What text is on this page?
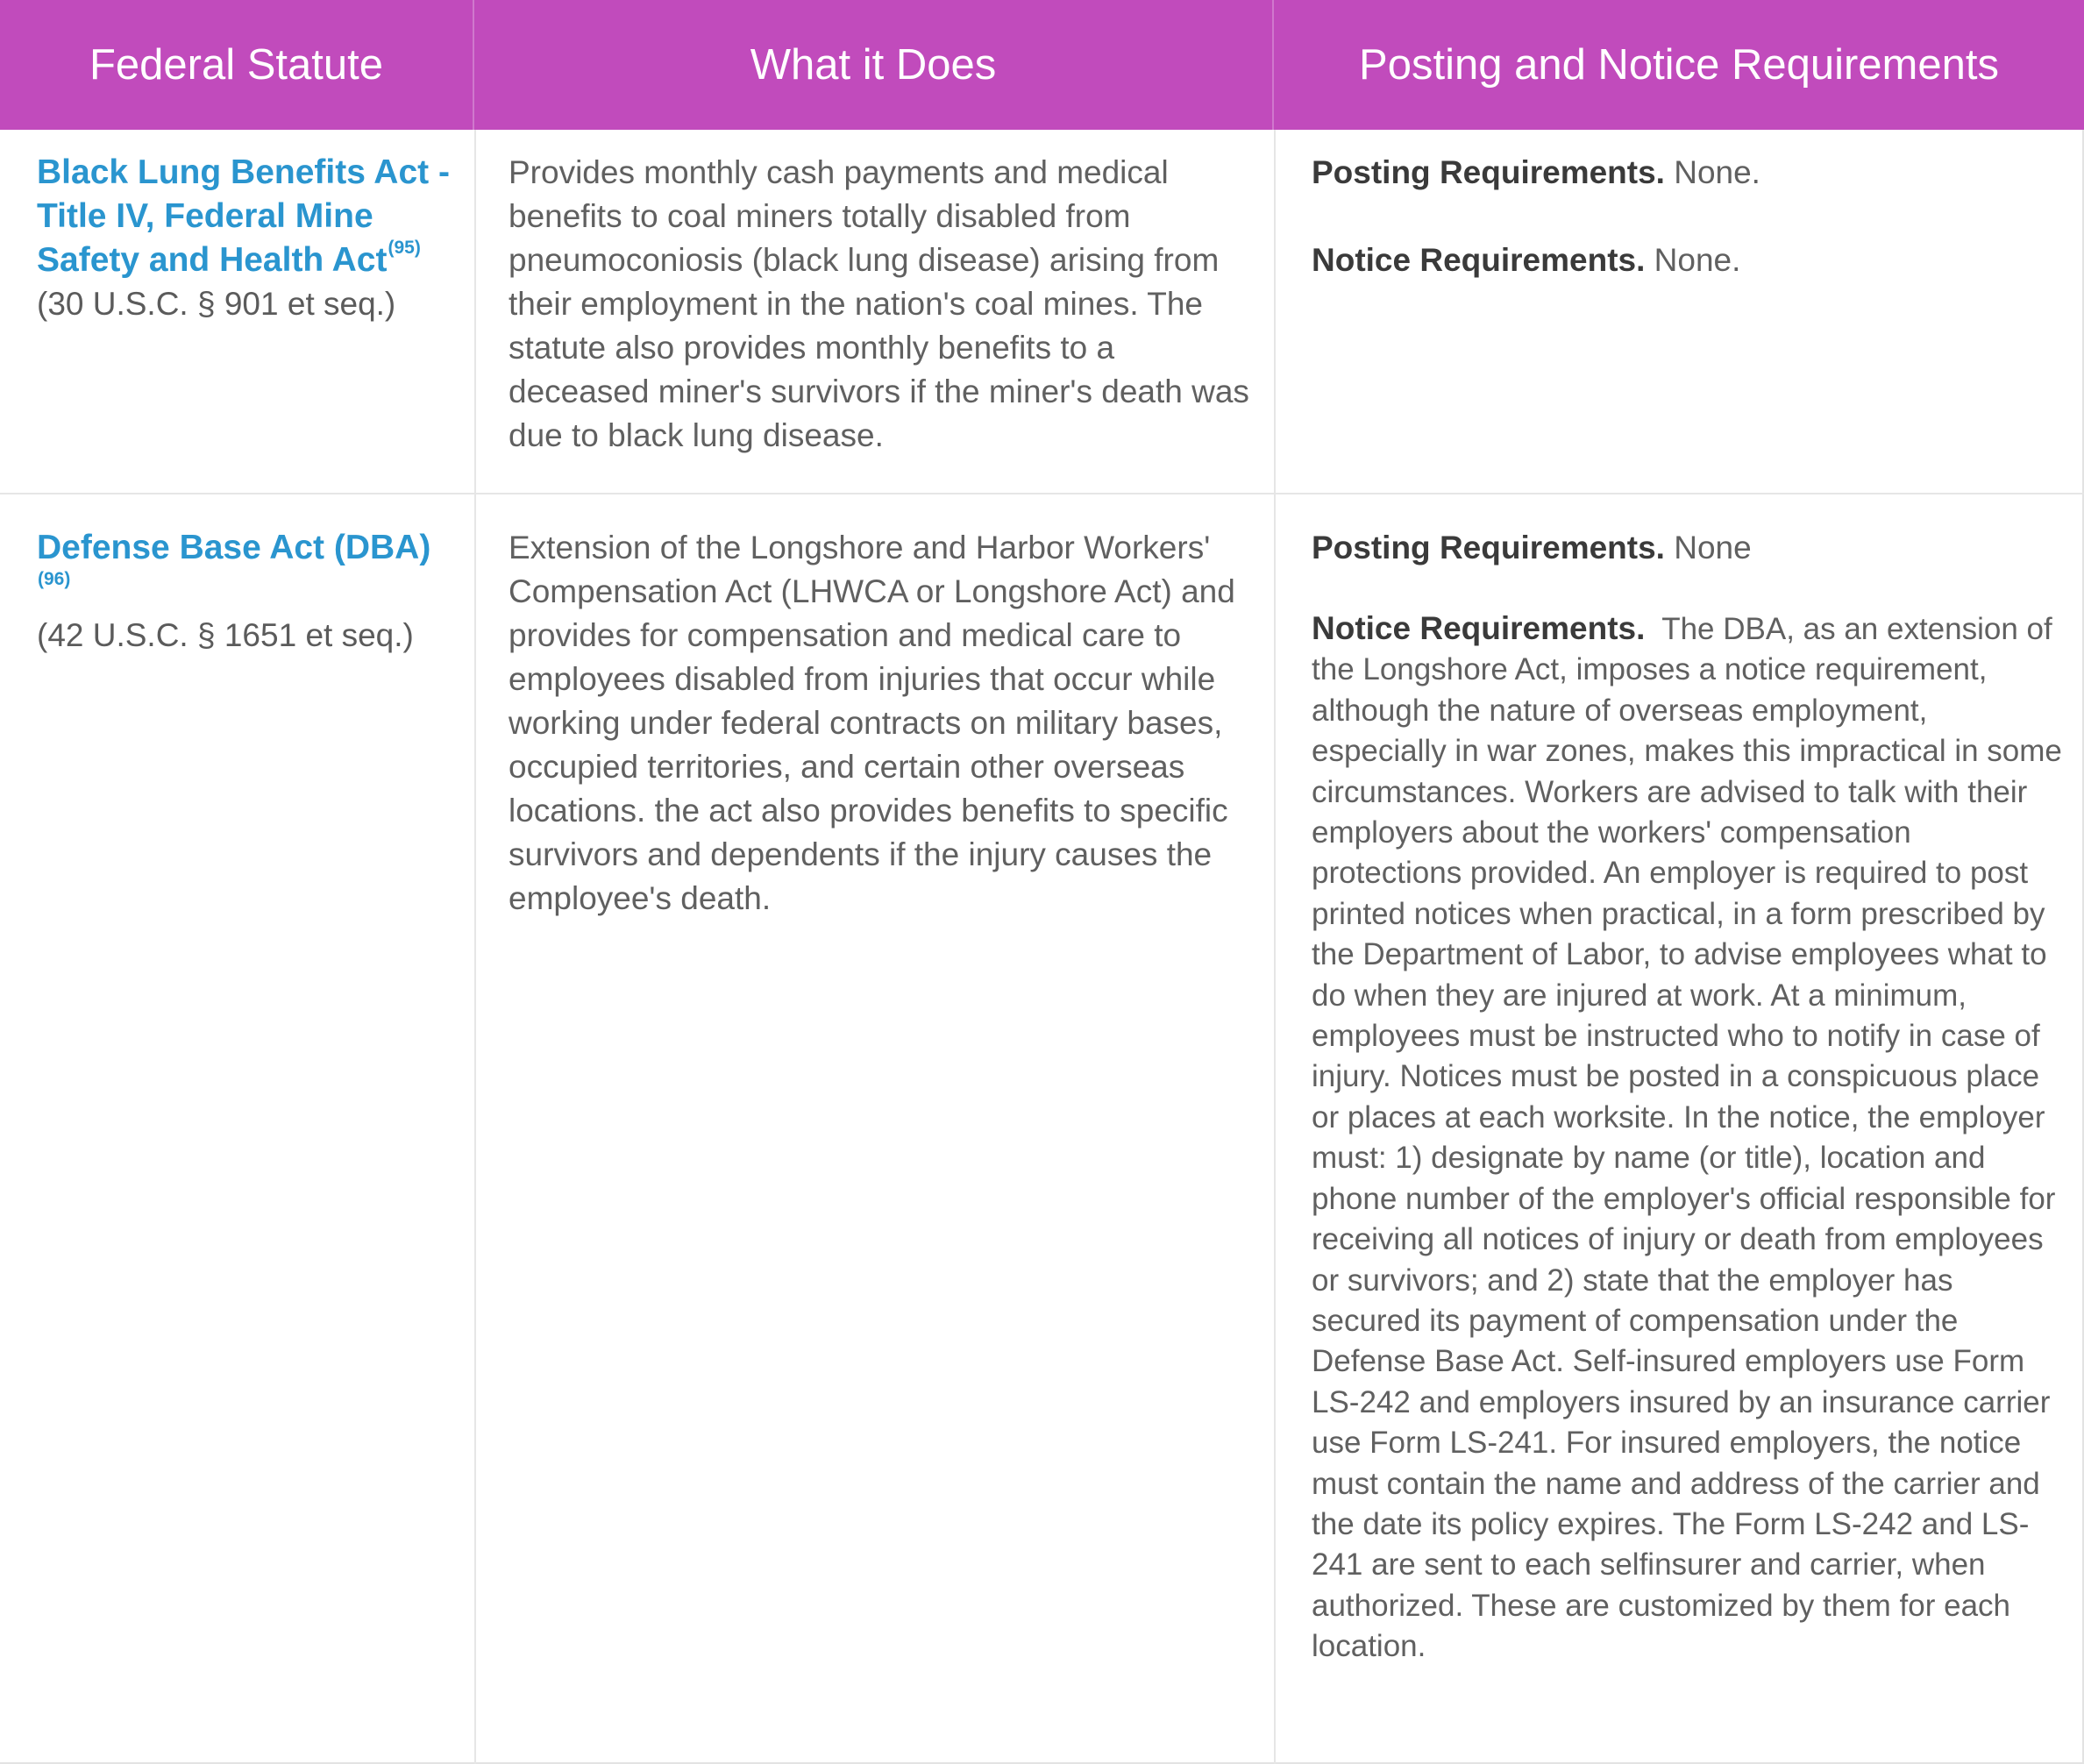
Federal Statute	What it Does	Posting and Notice Requirements
Black Lung Benefits Act - Title IV, Federal Mine Safety and Health Act$^{(95)}$
(30 U.S.C. § 901 et seq.)
Provides monthly cash payments and medical benefits to coal miners totally disabled from pneumoconiosis (black lung disease) arising from their employment in the nation's coal mines. The statute also provides monthly benefits to a deceased miner's survivors if the miner's death was due to black lung disease.
Posting Requirements. None.
Notice Requirements. None.
Defense Base Act (DBA)$^{(96)}$
(42 U.S.C. § 1651 et seq.)
Extension of the Longshore and Harbor Workers' Compensation Act (LHWCA or Longshore Act) and provides for compensation and medical care to employees disabled from injuries that occur while working under federal contracts on military bases, occupied territories, and certain other overseas locations. the act also provides benefits to specific survivors and dependents if the injury causes the employee's death.
Posting Requirements. None
Notice Requirements.  The DBA, as an extension of the Longshore Act, imposes a notice requirement, although the nature of overseas employment, especially in war zones, makes this impractical in some circumstances. Workers are advised to talk with their employers about the workers' compensation protections provided. An employer is required to post printed notices when practical, in a form prescribed by the Department of Labor, to advise employees what to do when they are injured at work. At a minimum, employees must be instructed who to notify in case of injury. Notices must be posted in a conspicuous place or places at each worksite. In the notice, the employer must: 1) designate by name (or title), location and phone number of the employer's official responsible for receiving all notices of injury or death from employees or survivors; and 2) state that the employer has secured its payment of compensation under the Defense Base Act. Self-insured employers use Form LS-242 and employers insured by an insurance carrier use Form LS-241. For insured employers, the notice must contain the name and address of the carrier and the date its policy expires. The Form LS-242 and LS-241 are sent to each selfinsurer and carrier, when authorized. These are customized by them for each location.
